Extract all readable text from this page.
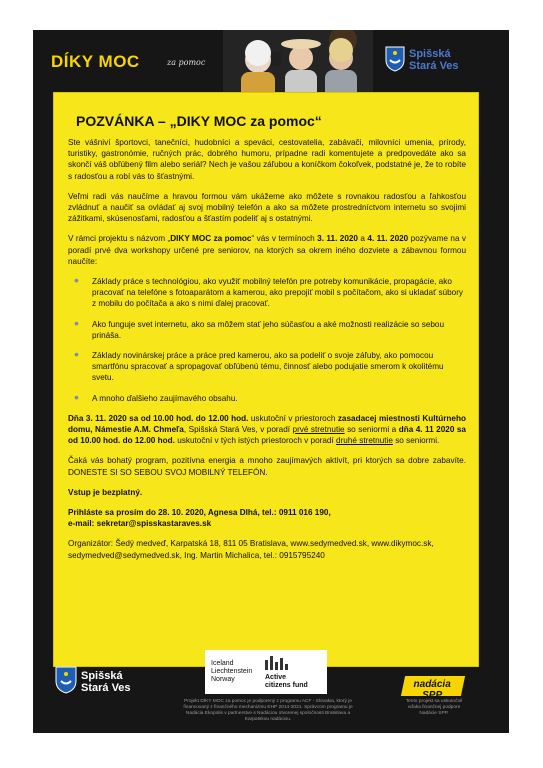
DÍKY MOC	za pomoc
Spišská
Stará Ves
POZVÁNKA – „DIKY MOC za pomoc“

Ste vášniví športovci, tanečníci, hudobníci a speváci, cestovatelia, zabávači, milovníci umenia, prírody, turistiky, gastronómie, ručných prác, dobrého humoru, prípadne radi komentujete a predpovedáte ako sa skončí váš obľúbený film alebo seriál? Nech je vašou záľubou a koníčkom čokoľvek, podstatné je, že to robíte s radosťou a robí vás to šťastnými.

Veľmi radi vás naučíme a hravou formou vám ukážeme ako môžete s rovnakou radosťou a ľahkosťou zvládnuť a naučiť sa ovládať aj svoj mobilný telefón a ako sa môžete prostredníctvom internetu so svojimi zážitkami, skúsenosťami, radosťou a šťastím podeliť aj s ostatnými.

V rámci projektu s názvom „DIKY MOC za pomoc“ vás v termínoch 3. 11. 2020 a 4. 11. 2020 pozývame na v poradí prvé dva workshopy určené pre seniorov, na ktorých sa okrem iného dozviete a zábavnou formou naučíte:

• Základy práce s technológiou, ako využiť mobilný telefón pre potreby komunikácie, propagácie, ako pracovať na telefóne s fotoaparátom a kamerou, ako prepojiť mobil s počítačom, ako si ukladať súbory z mobilu do počítača a ako s nimi ďalej pracovať.
• Ako funguje svet internetu, ako sa môžem stať jeho súčasťou a aké možnosti realizácie so sebou prináša.
• Základy novinárskej práce a práce pred kamerou, ako sa podeliť o svoje záľuby, ako pomocou smartfónu spracovať a spropagovať obľúbenú tému, činnosť alebo podujatie smerom k okolitému svetu.
• A mnoho ďalšieho zaujímavého obsahu.

Dňa 3. 11. 2020 sa od 10.00 hod. do 12.00 hod. uskutoční v priestoroch zasadacej miestnosti Kultúrneho domu, Námestie A.M. Chmeľa, Spišská Stará Ves, v poradí prvé stretnutie so seniormi a dňa 4. 11 2020 sa od 10.00 hod. do 12.00 hod. uskutoční v tých istých priestoroch v poradí druhé stretnutie so seniormi.

Čaká vás bohatý program, pozitívna energia a mnoho zaujímavých aktivít, pri ktorých sa dobre zabavíte. DONESTE SI SO SEBOU SVOJ MOBILNÝ TELEFÓN.

Vstup je bezplatný.

Prihláste sa prosím do 28. 10. 2020, Agnesa Dlhá, tel.: 0911 016 190,
e-mail: sekretar@spisskastaraves.sk

Organizátor: Šedý medveď, Karpatská 18, 811 05 Bratislava, www.sedymedved.sk, www.dikymoc.sk,
sedymedved@sedymedved.sk, Ing. Martin Michalica, tel.: 0915795240

Spišská
Stará Ves
Iceland
Liechtenstein
Norway	Active
citizens fund	nadácia SPP
Projekt DÍKY MOC za pomoc je podporený z programu ACF - Slovakia, ktorý je financovaný z finančného mechanizmu EHP 2014-2021. Správcom programu je Nadácia Ekopolis v partnerstve s Nadáciou otvorenej spoločnosti Bratislava a Karpatskou nadáciou.
Tento projekt sa uskutočnil vďaka finančnej podpore Nadácie SPP.
